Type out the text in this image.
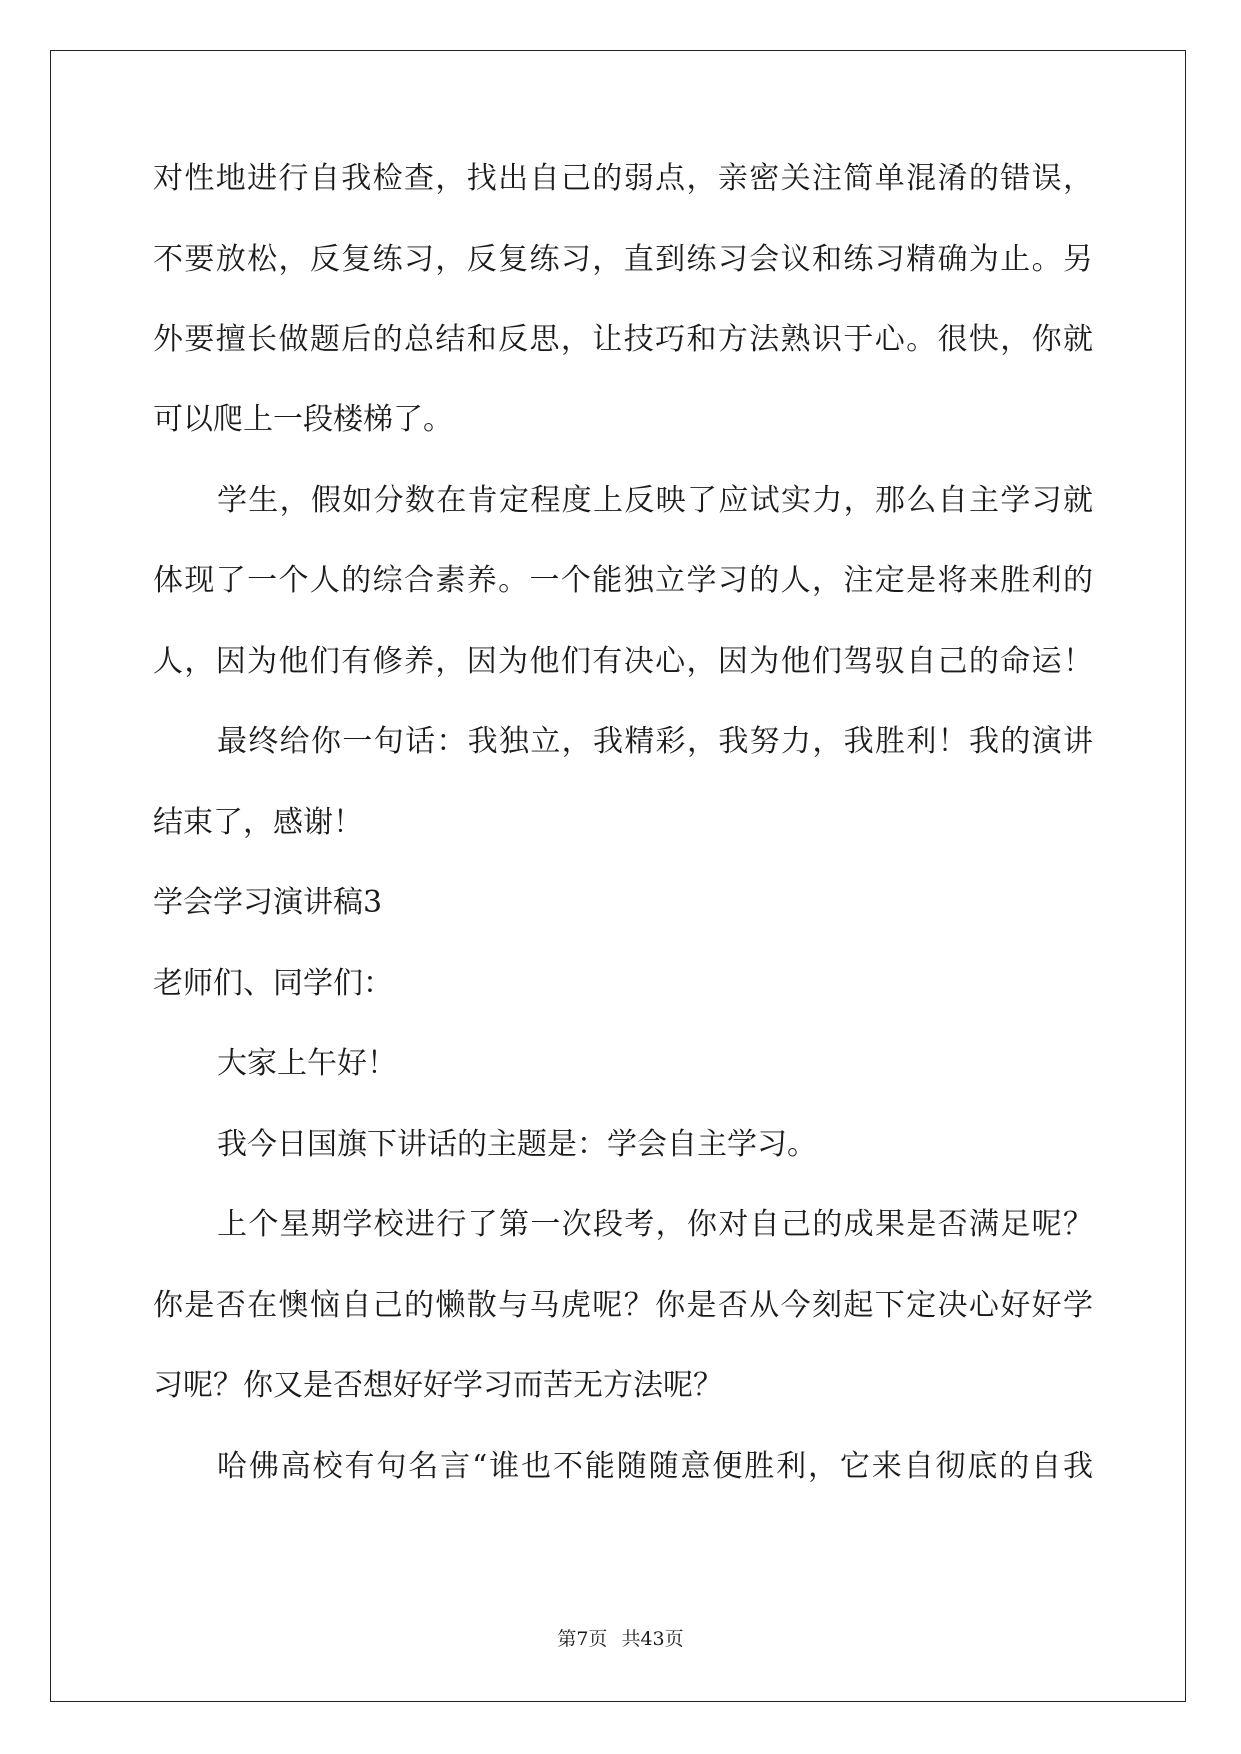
对性地进行自我检查，找出自己的弱点，亲密关注简单混淆的错误，

不要放松，反复练习，反复练习，直到练习会议和练习精确为止。另

外要擅长做题后的总结和反思，让技巧和方法熟识于心。很快，你就

可以爬上一段楼梯了。

学生，假如分数在肯定程度上反映了应试实力，那么自主学习就

体现了一个人的综合素养。一个能独立学习的人，注定是将来胜利的

人，因为他们有修养，因为他们有决心，因为他们驾驭自己的命运！

最终给你一句话：我独立，我精彩，我努力，我胜利！我的演讲

结束了，感谢！

学会学习演讲稿3

老师们、同学们：

大家上午好！

我今日国旗下讲话的主题是：学会自主学习。

上个星期学校进行了第一次段考，你对自己的成果是否满足呢？

你是否在懊恼自己的懒散与马虎呢？你是否从今刻起下定决心好好学

习呢？你又是否想好好学习而苦无方法呢？

哈佛高校有句名言“谁也不能随随意便胜利，它来自彻底的自我

第7页 共43页
